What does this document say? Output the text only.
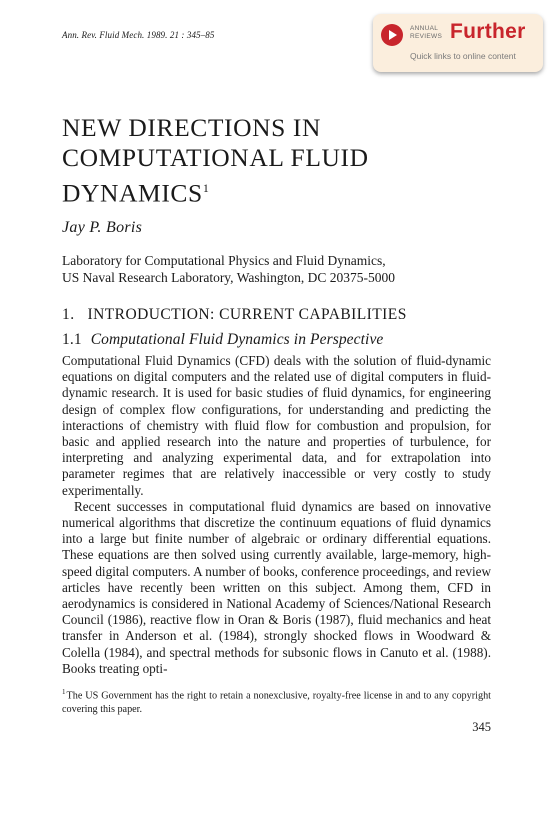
Ann. Rev. Fluid Mech. 1989. 21 : 345–85
ANNUAL
REVIEWS Further
Quick links to online content
NEW DIRECTIONS IN
COMPUTATIONAL FLUID
DYNAMICS$^1$
Jay P. Boris
Laboratory for Computational Physics and Fluid Dynamics,
US Naval Research Laboratory, Washington, DC 20375-5000
1.   INTRODUCTION: CURRENT CAPABILITIES
1.1 Computational Fluid Dynamics in Perspective

Computational Fluid Dynamics (CFD) deals with the solution of fluid-dynamic equations on digital computers and the related use of digital computers in fluid-dynamic research. It is used for basic studies of fluid dynamics, for engineering design of complex flow configurations, for understanding and predicting the interactions of chemistry with fluid flow for combustion and propulsion, for basic and applied research into the nature and properties of turbulence, for interpreting and analyzing experimental data, and for extrapolation into parameter regimes that are relatively inaccessible or very costly to study experimentally.

Recent successes in computational fluid dynamics are based on innovative numerical algorithms that discretize the continuum equations of fluid dynamics into a large but finite number of algebraic or ordinary differential equations. These equations are then solved using currently available, large-memory, high-speed digital computers. A number of books, conference proceedings, and review articles have recently been written on this subject. Among them, CFD in aerodynamics is considered in National Academy of Sciences/National Research Council (1986), reactive flow in Oran & Boris (1987), fluid mechanics and heat transfer in Anderson et al. (1984), strongly shocked flows in Woodward & Colella (1984), and spectral methods for subsonic flows in Canuto et al. (1988). Books treating opti-

$^1$The US Government has the right to retain a nonexclusive, royalty-free license in and to any copyright covering this paper.
345
